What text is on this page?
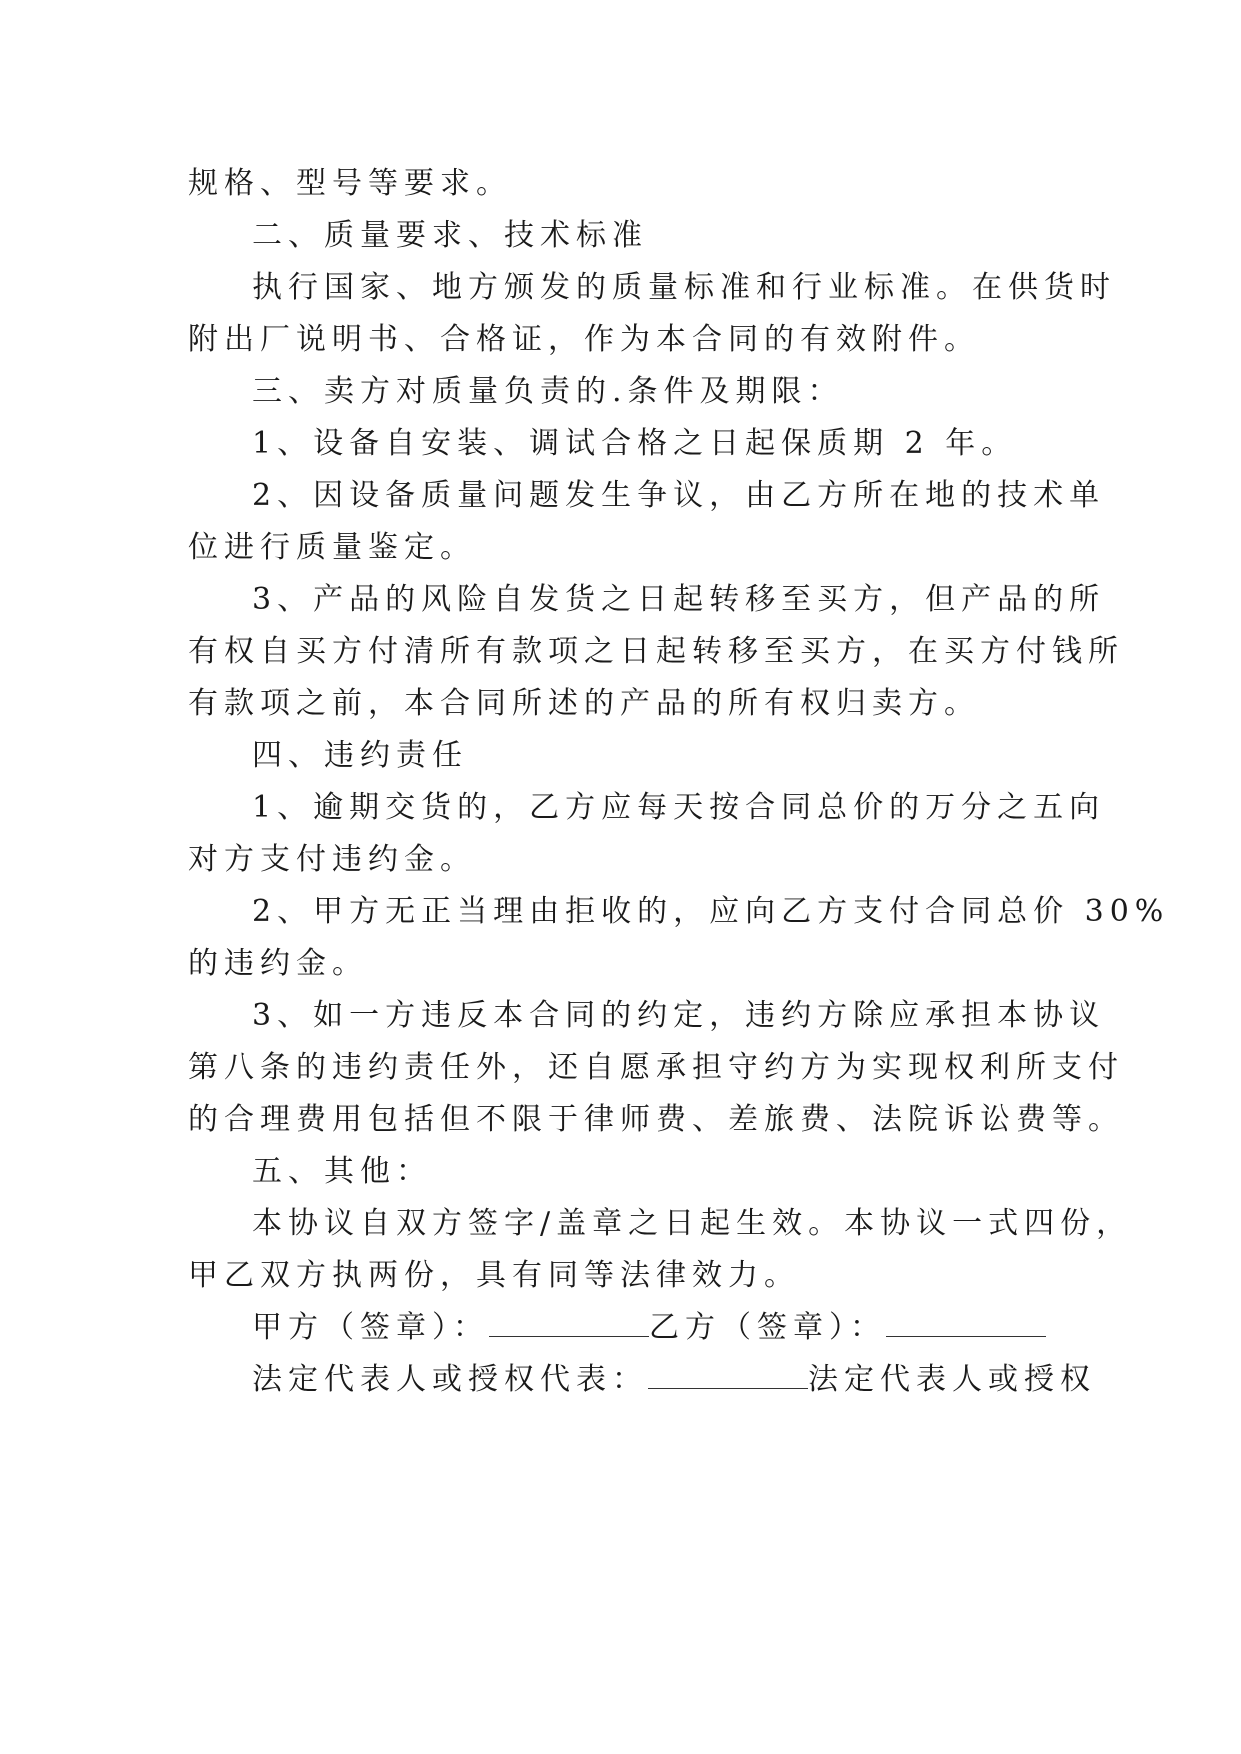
规格、型号等要求。
二、质量要求、技术标准
执行国家、地方颁发的质量标准和行业标准。在供货时
附出厂说明书、合格证，作为本合同的有效附件。
三、卖方对质量负责的.条件及期限：
1、设备自安装、调试合格之日起保质期 2 年。
2、因设备质量问题发生争议，由乙方所在地的技术单
位进行质量鉴定。
3、产品的风险自发货之日起转移至买方，但产品的所
有权自买方付清所有款项之日起转移至买方，在买方付钱所
有款项之前，本合同所述的产品的所有权归卖方。
四、违约责任
1、逾期交货的，乙方应每天按合同总价的万分之五向
对方支付违约金。
2、甲方无正当理由拒收的，应向乙方支付合同总价 30%
的违约金。
3、如一方违反本合同的约定，违约方除应承担本协议
第八条的违约责任外，还自愿承担守约方为实现权利所支付
的合理费用包括但不限于律师费、差旅费、法院诉讼费等。
五、其他：
本协议自双方签字/盖章之日起生效。本协议一式四份，
甲乙双方执两份，具有同等法律效力。
甲方（签章）：	乙方（签章）：
法定代表人或授权代表：	法定代表人或授权
